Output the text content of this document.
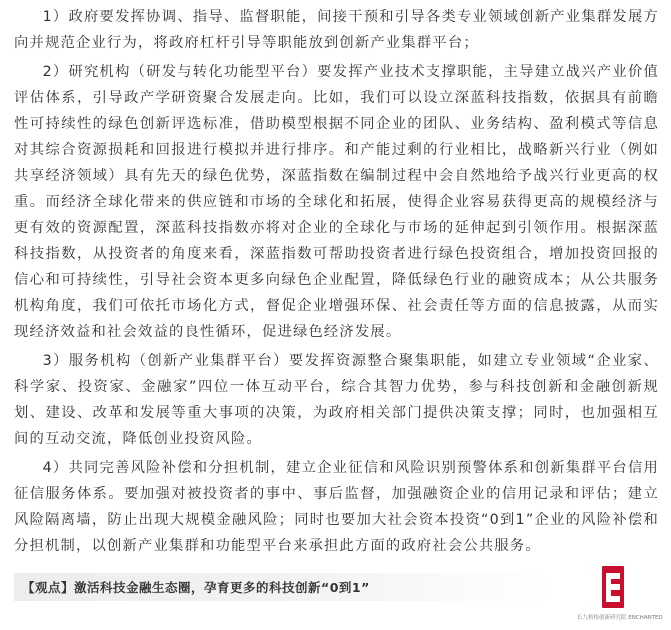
1）政府要发挥协调、指导、监督职能，间接干预和引导各类专业领域创新产业集群发展方向并规范企业行为，将政府杠杆引导等职能放到创新产业集群平台；

2）研究机构（研发与转化功能型平台）要发挥产业技术支撑职能，主导建立战兴产业价值评估体系，引导政产学研资聚合发展走向。比如，我们可以设立深蓝科技指数，依据具有前瞻性可持续性的绿色创新评选标准，借助模型根据不同企业的团队、业务结构、盈利模式等信息对其综合资源损耗和回报进行模拟并进行排序。和产能过剩的行业相比，战略新兴行业（例如共享经济领域）具有先天的绿色优势，深蓝指数在编制过程中会自然地给予战兴行业更高的权重。而经济全球化带来的供应链和市场的全球化和拓展，使得企业容易获得更高的规模经济与更有效的资源配置，深蓝科技指数亦将对企业的全球化与市场的延伸起到引领作用。根据深蓝科技指数，从投资者的角度来看，深蓝指数可帮助投资者进行绿色投资组合，增加投资回报的信心和可持续性，引导社会资本更多向绿色企业配置，降低绿色行业的融资成本；从公共服务机构角度，我们可依托市场化方式，督促企业增强环保、社会责任等方面的信息披露，从而实现经济效益和社会效益的良性循环，促进绿色经济发展。

3）服务机构（创新产业集群平台）要发挥资源整合聚集职能，如建立专业领域“企业家、科学家、投资家、金融家”四位一体互动平台，综合其智力优势，参与科技创新和金融创新规划、建设、改革和发展等重大事项的决策，为政府相关部门提供决策支撑；同时，也加强相互间的互动交流，降低创业投资风险。

4）共同完善风险补偿和分担机制，建立企业征信和风险识别预警体系和创新集群平台信用征信服务体系。要加强对被投资者的事中、事后监督，加强融资企业的信用记录和评估；建立风险隔离墙，防止出现大规模金融风险；同时也要加大社会资本投资“0到1”企业的风险补偿和分担机制，以创新产业集群和功能型平台来承担此方面的政府社会公共服务。

【观点】激活科技金融生态圈，孕育更多的科技创新“0到1”
长九格格创新研究院 ENCHANTED
